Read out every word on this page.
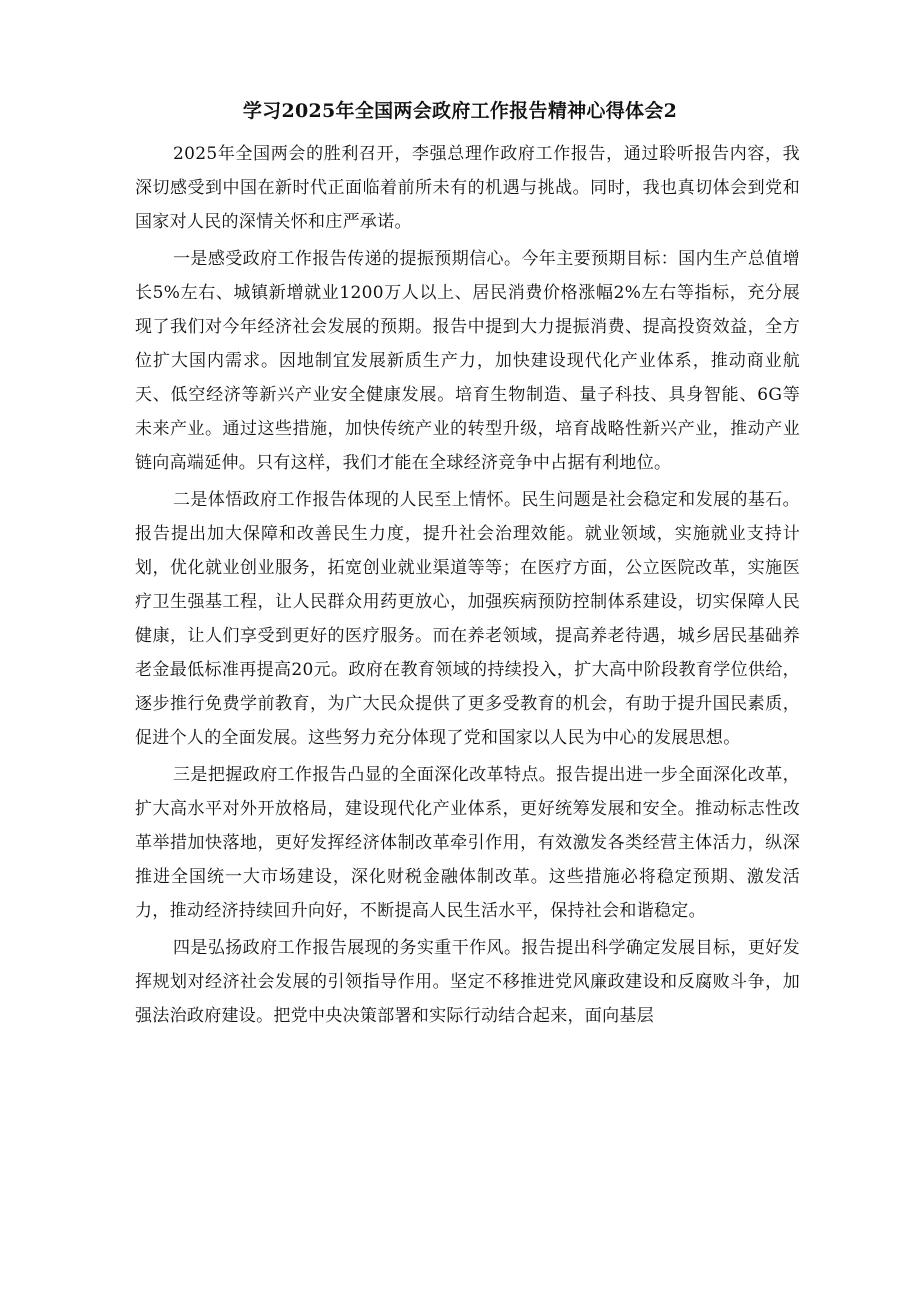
学习2025年全国两会政府工作报告精神心得体会2

2025年全国两会的胜利召开，李强总理作政府工作报告，通过聆听报告内容，我深切感受到中国在新时代正面临着前所未有的机遇与挑战。同时，我也真切体会到党和国家对人民的深情关怀和庄严承诺。

一是感受政府工作报告传递的提振预期信心。今年主要预期目标：国内生产总值增长5%左右、城镇新增就业1200万人以上、居民消费价格涨幅2%左右等指标，充分展现了我们对今年经济社会发展的预期。报告中提到大力提振消费、提高投资效益，全方位扩大国内需求。因地制宜发展新质生产力，加快建设现代化产业体系，推动商业航天、低空经济等新兴产业安全健康发展。培育生物制造、量子科技、具身智能、6G等未来产业。通过这些措施，加快传统产业的转型升级，培育战略性新兴产业，推动产业链向高端延伸。只有这样，我们才能在全球经济竞争中占据有利地位。

二是体悟政府工作报告体现的人民至上情怀。民生问题是社会稳定和发展的基石。报告提出加大保障和改善民生力度，提升社会治理效能。就业领域，实施就业支持计划，优化就业创业服务，拓宽创业就业渠道等等；在医疗方面，公立医院改革，实施医疗卫生强基工程，让人民群众用药更放心，加强疾病预防控制体系建设，切实保障人民健康，让人们享受到更好的医疗服务。而在养老领域，提高养老待遇，城乡居民基础养老金最低标准再提高20元。政府在教育领域的持续投入，扩大高中阶段教育学位供给，逐步推行免费学前教育，为广大民众提供了更多受教育的机会，有助于提升国民素质，促进个人的全面发展。这些努力充分体现了党和国家以人民为中心的发展思想。

三是把握政府工作报告凸显的全面深化改革特点。报告提出进一步全面深化改革，扩大高水平对外开放格局，建设现代化产业体系，更好统筹发展和安全。推动标志性改革举措加快落地，更好发挥经济体制改革牵引作用，有效激发各类经营主体活力，纵深推进全国统一大市场建设，深化财税金融体制改革。这些措施必将稳定预期、激发活力，推动经济持续回升向好，不断提高人民生活水平，保持社会和谐稳定。

四是弘扬政府工作报告展现的务实重干作风。报告提出科学确定发展目标，更好发挥规划对经济社会发展的引领指导作用。坚定不移推进党风廉政建设和反腐败斗争，加强法治政府建设。把党中央决策部署和实际行动结合起来，面向基层
